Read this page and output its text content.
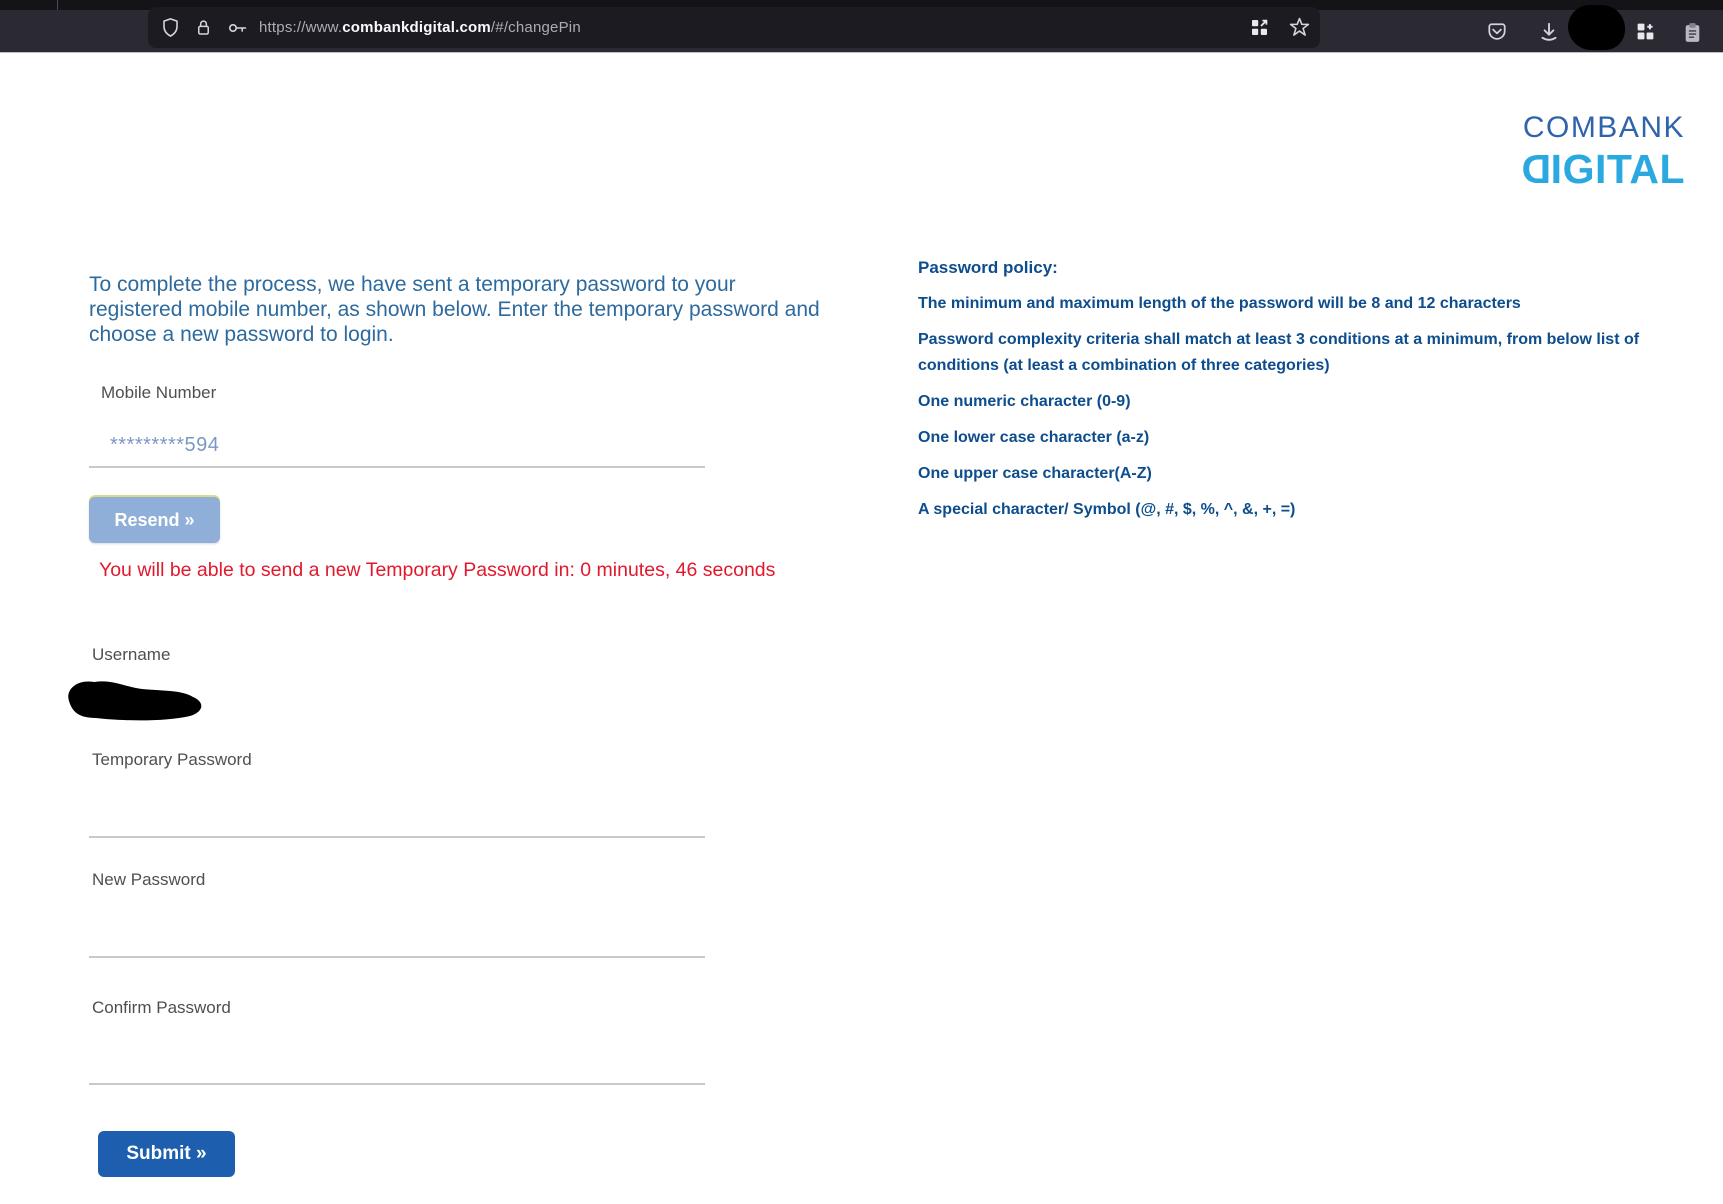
https://www.combankdigital.com/#/changePin
COMBANK
DIGITAL

To complete the process, we have sent a temporary password to your registered mobile number, as shown below. Enter the temporary password and choose a new password to login.

Mobile Number
*********594
Resend »
You will be able to send a new Temporary Password in: 0 minutes, 46 seconds
Username
Temporary Password
New Password
Confirm Password
Submit »

Password policy:

The minimum and maximum length of the password will be 8 and 12 characters

Password complexity criteria shall match at least 3 conditions at a minimum, from below list of conditions (at least a combination of three categories)

One numeric character (0-9)

One lower case character (a-z)

One upper case character(A-Z)

A special character/ Symbol (@, #, $, %, ^, &, +, =)
